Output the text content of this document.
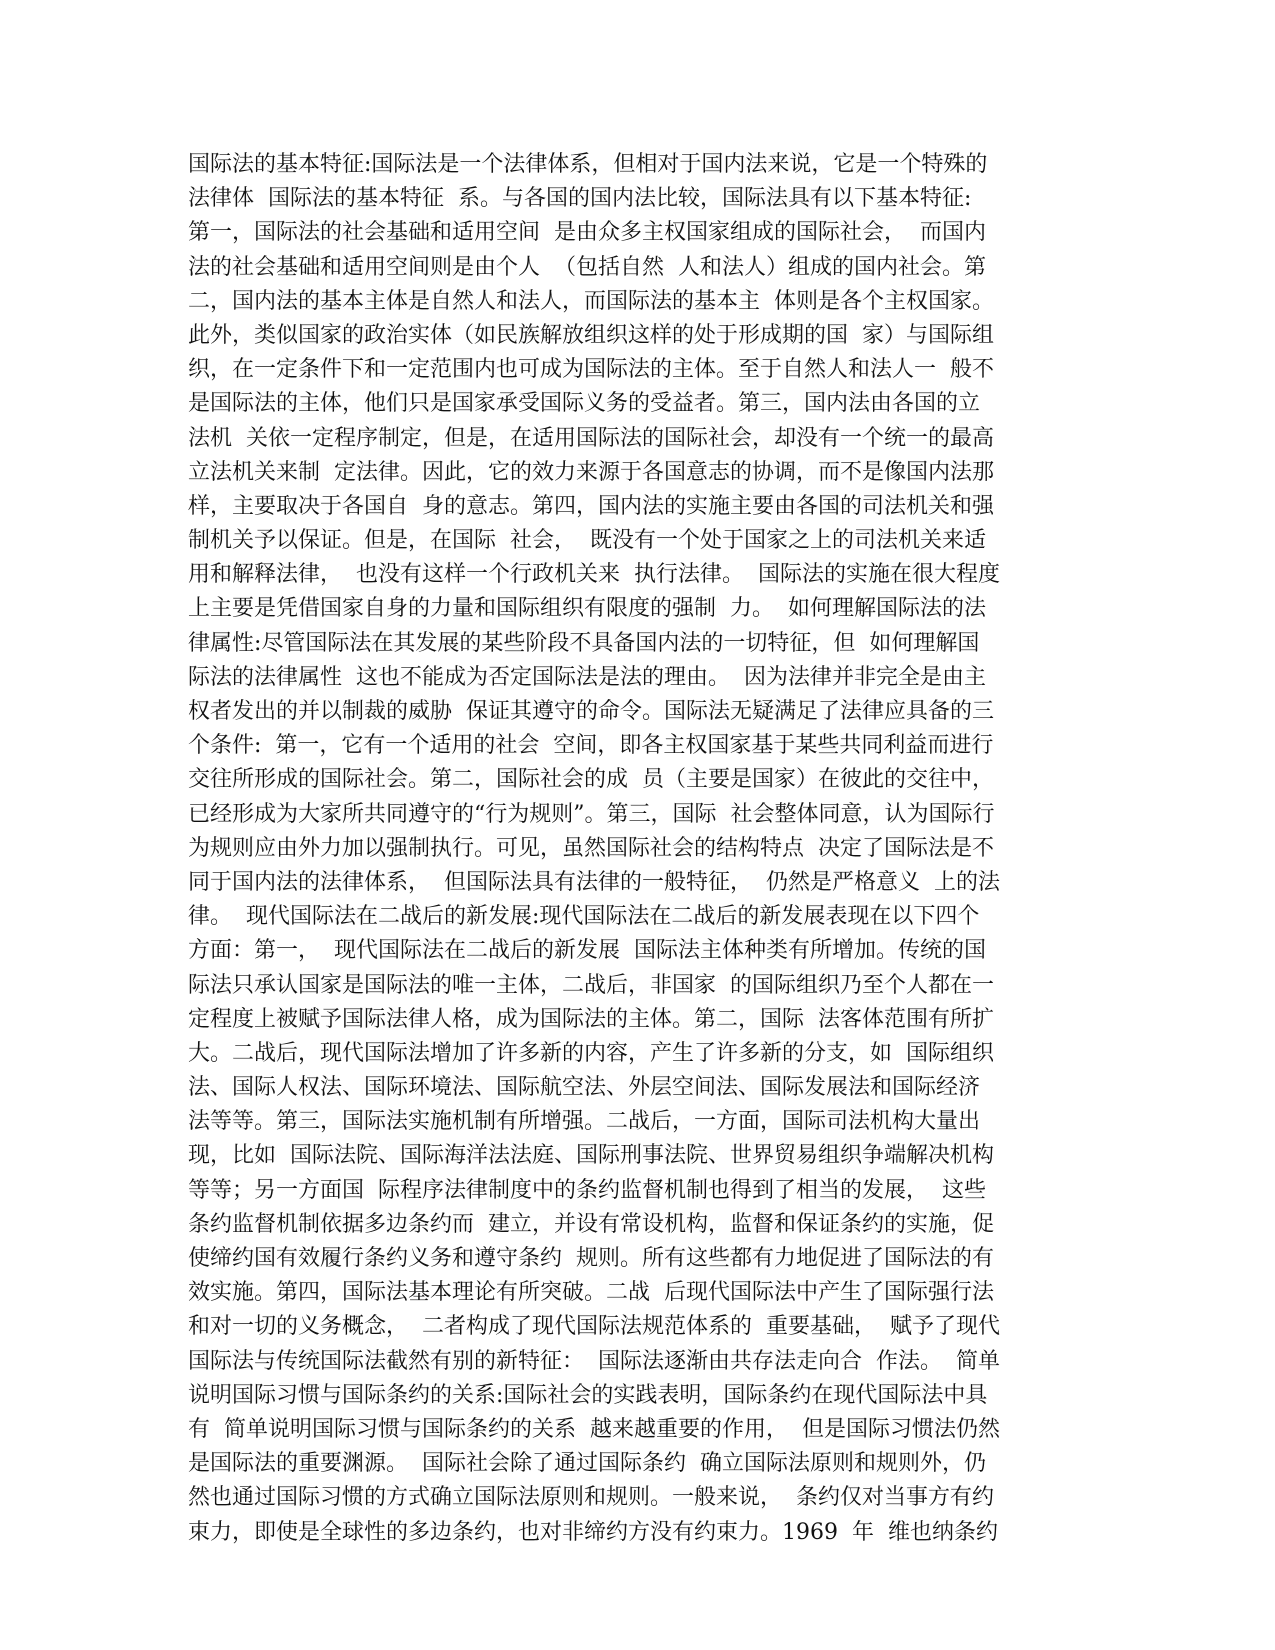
国际法的基本特征:国际法是一个法律体系，但相对于国内法来说，它是一个特殊的
法律体  国际法的基本特征  系。与各国的国内法比较，国际法具有以下基本特征:
第一，国际法的社会基础和适用空间  是由众多主权国家组成的国际社会，  而国内
法的社会基础和适用空间则是由个人  （包括自然  人和法人）组成的国内社会。第
二，国内法的基本主体是自然人和法人，而国际法的基本主  体则是各个主权国家。
此外，类似国家的政治实体（如民族解放组织这样的处于形成期的国  家）与国际组
织，在一定条件下和一定范围内也可成为国际法的主体。至于自然人和法人一  般不
是国际法的主体，他们只是国家承受国际义务的受益者。第三，国内法由各国的立
法机  关依一定程序制定，但是，在适用国际法的国际社会，却没有一个统一的最高
立法机关来制  定法律。因此，它的效力来源于各国意志的协调，而不是像国内法那
样，主要取决于各国自  身的意志。第四，国内法的实施主要由各国的司法机关和强
制机关予以保证。但是，在国际  社会，  既没有一个处于国家之上的司法机关来适
用和解释法律，  也没有这样一个行政机关来  执行法律。  国际法的实施在很大程度
上主要是凭借国家自身的力量和国际组织有限度的强制  力。  如何理解国际法的法
律属性:尽管国际法在其发展的某些阶段不具备国内法的一切特征，但  如何理解国
际法的法律属性  这也不能成为否定国际法是法的理由。  因为法律并非完全是由主
权者发出的并以制裁的威胁  保证其遵守的命令。国际法无疑满足了法律应具备的三
个条件:  第一，它有一个适用的社会  空间，即各主权国家基于某些共同利益而进行
交往所形成的国际社会。第二，国际社会的成  员（主要是国家）在彼此的交往中，
已经形成为大家所共同遵守的“行为规则”。第三，国际  社会整体同意，认为国际行
为规则应由外力加以强制执行。可见，虽然国际社会的结构特点  决定了国际法是不
同于国内法的法律体系，  但国际法具有法律的一般特征，  仍然是严格意义  上的法
律。  现代国际法在二战后的新发展:现代国际法在二战后的新发展表现在以下四个
方面：第一，  现代国际法在二战后的新发展  国际法主体种类有所增加。传统的国
际法只承认国家是国际法的唯一主体，二战后，非国家  的国际组织乃至个人都在一
定程度上被赋予国际法律人格，成为国际法的主体。第二，国际  法客体范围有所扩
大。二战后，现代国际法增加了许多新的内容，产生了许多新的分支，如  国际组织
法、国际人权法、国际环境法、国际航空法、外层空间法、国际发展法和国际经济
法等等。第三，国际法实施机制有所增强。二战后，一方面，国际司法机构大量出
现，比如  国际法院、国际海洋法法庭、国际刑事法院、世界贸易组织争端解决机构
等等；另一方面国  际程序法律制度中的条约监督机制也得到了相当的发展，  这些
条约监督机制依据多边条约而  建立，并设有常设机构，监督和保证条约的实施，促
使缔约国有效履行条约义务和遵守条约  规则。所有这些都有力地促进了国际法的有
效实施。第四，国际法基本理论有所突破。二战  后现代国际法中产生了国际强行法
和对一切的义务概念，  二者构成了现代国际法规范体系的  重要基础，  赋予了现代
国际法与传统国际法截然有别的新特征：  国际法逐渐由共存法走向合  作法。  简单
说明国际习惯与国际条约的关系:国际社会的实践表明，国际条约在现代国际法中具
有  简单说明国际习惯与国际条约的关系  越来越重要的作用，  但是国际习惯法仍然
是国际法的重要渊源。  国际社会除了通过国际条约  确立国际法原则和规则外，仍
然也通过国际习惯的方式确立国际法原则和规则。一般来说，  条约仅对当事方有约
束力，即使是全球性的多边条约，也对非缔约方没有约束力。1969  年  维也纳条约
